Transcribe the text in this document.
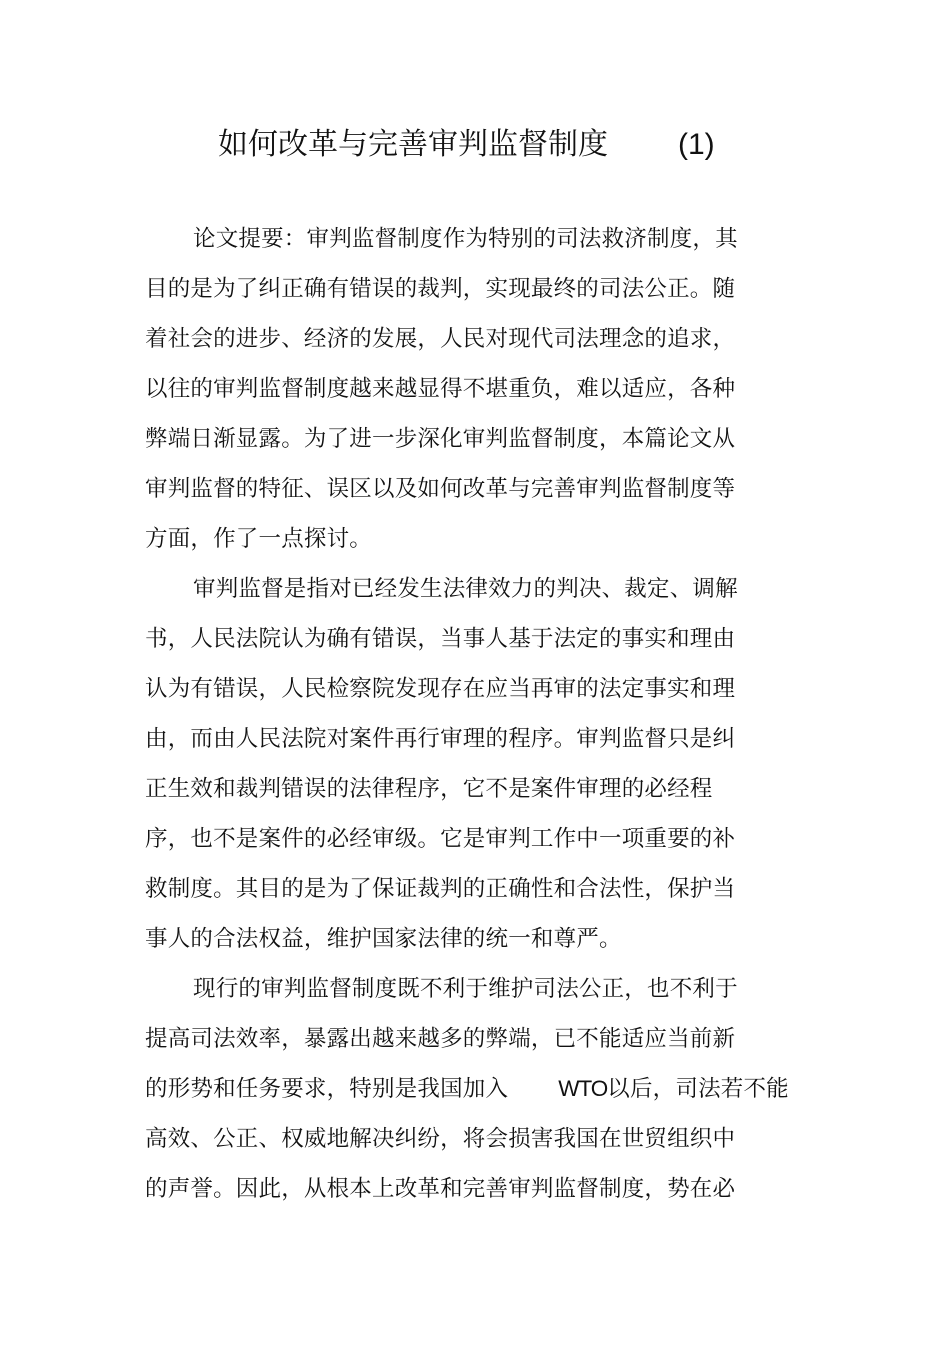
如何改革与完善审判监督制度 (1)
论文提要：审判监督制度作为特别的司法救济制度，其
目的是为了纠正确有错误的裁判，实现最终的司法公正。随
着社会的进步、经济的发展，人民对现代司法理念的追求，
以往的审判监督制度越来越显得不堪重负，难以适应，各种
弊端日渐显露。为了进一步深化审判监督制度，本篇论文从
审判监督的特征、误区以及如何改革与完善审判监督制度等
方面，作了一点探讨。
审判监督是指对已经发生法律效力的判决、裁定、调解
书，人民法院认为确有错误，当事人基于法定的事实和理由
认为有错误，人民检察院发现存在应当再审的法定事实和理
由，而由人民法院对案件再行审理的程序。审判监督只是纠
正生效和裁判错误的法律程序，它不是案件审理的必经程
序，也不是案件的必经审级。它是审判工作中一项重要的补
救制度。其目的是为了保证裁判的正确性和合法性，保护当
事人的合法权益，维护国家法律的统一和尊严。
现行的审判监督制度既不利于维护司法公正，也不利于
提高司法效率，暴露出越来越多的弊端，已不能适应当前新
的形势和任务要求，特别是我国加入 WTO以后，司法若不能
高效、公正、权威地解决纠纷，将会损害我国在世贸组织中
的声誉。因此，从根本上改革和完善审判监督制度，势在必
